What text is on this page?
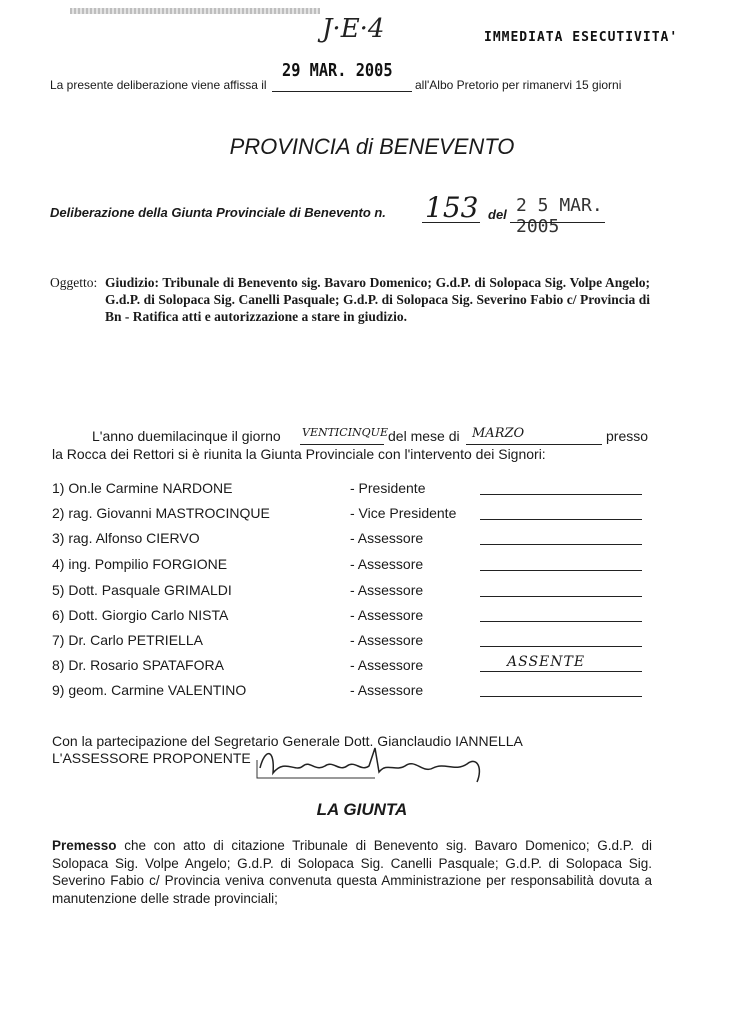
J·E·4	IMMEDIATA ESECUTIVITA'
29 MAR. 2005
La presente deliberazione viene affissa il	all'Albo Pretorio per rimanervi 15 giorni
PROVINCIA di BENEVENTO
Deliberazione della Giunta Provinciale di Benevento n. 153 del 2 5 MAR. 2005
Oggetto: Giudizio: Tribunale di Benevento sig. Bavaro Domenico; G.d.P. di Solopaca Sig. Volpe Angelo; G.d.P. di Solopaca Sig. Canelli Pasquale; G.d.P. di Solopaca Sig. Severino Fabio c/ Provincia di Bn - Ratifica atti e autorizzazione a stare in giudizio.
L'anno duemilacinque il giorno VENTICINQUE del mese di MARZO	presso
la Rocca dei Rettori si è riunita la Giunta Provinciale con l'intervento dei Signori:
1) On.le Carmine NARDONE	- Presidente
2) rag. Giovanni MASTROCINQUE	- Vice Presidente
3) rag. Alfonso CIERVO	- Assessore
4) ing. Pompilio FORGIONE	- Assessore
5) Dott. Pasquale GRIMALDI	- Assessore
6) Dott. Giorgio Carlo NISTA	- Assessore
7) Dr. Carlo PETRIELLA	- Assessore
8) Dr. Rosario SPATAFORA	- Assessore	ASSENTE
9) geom. Carmine VALENTINO	- Assessore
Con la partecipazione del Segretario Generale Dott. Gianclaudio IANNELLA
L'ASSESSORE PROPONENTE
LA GIUNTA
Premesso che con atto di citazione Tribunale di Benevento sig. Bavaro Domenico; G.d.P. di Solopaca Sig. Volpe Angelo; G.d.P. di Solopaca Sig. Canelli Pasquale; G.d.P. di Solopaca Sig. Severino Fabio c/ Provincia veniva convenuta questa Amministrazione per responsabilità dovuta a manutenzione delle strade provinciali;
